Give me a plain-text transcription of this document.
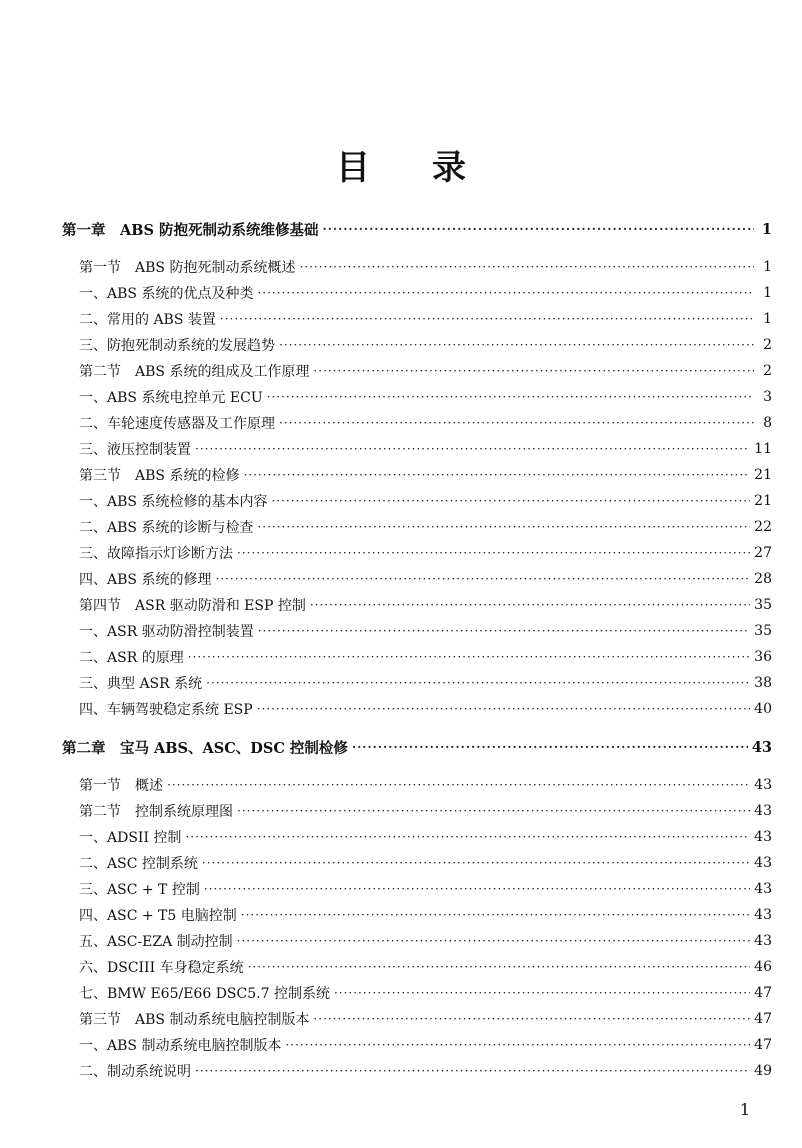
目 录
第一章　ABS 防抱死制动系统维修基础 ·····	1
第一节　ABS 防抱死制动系统概述 ·····	1
一、ABS 系统的优点及种类 ·····	1
二、常用的 ABS 装置 ·····	1
三、防抱死制动系统的发展趋势 ·····	2
第二节　ABS 系统的组成及工作原理 ·····	2
一、ABS 系统电控单元 ECU ·····	3
二、车轮速度传感器及工作原理 ·····	8
三、液压控制装置 ·····	11
第三节　ABS 系统的检修 ·····	21
一、ABS 系统检修的基本内容 ·····	21
二、ABS 系统的诊断与检查 ·····	22
三、故障指示灯诊断方法 ·····	27
四、ABS 系统的修理 ·····	28
第四节　ASR 驱动防滑和 ESP 控制 ·····	35
一、ASR 驱动防滑控制装置 ·····	35
二、ASR 的原理 ·····	36
三、典型 ASR 系统 ·····	38
四、车辆驾驶稳定系统 ESP ·····	40
第二章　宝马 ABS、ASC、DSC 控制检修 ·····	43
第一节　概述 ·····	43
第二节　控制系统原理图 ·····	43
一、ADSII 控制 ·····	43
二、ASC 控制系统 ·····	43
三、ASC + T 控制 ·····	43
四、ASC + T5 电脑控制 ·····	43
五、ASC-EZA 制动控制 ·····	43
六、DSCIII 车身稳定系统 ·····	46
七、BMW E65/E66 DSC5.7 控制系统 ·····	47
第三节　ABS 制动系统电脑控制版本 ·····	47
一、ABS 制动系统电脑控制版本 ·····	47
二、制动系统说明 ·····	49
1
